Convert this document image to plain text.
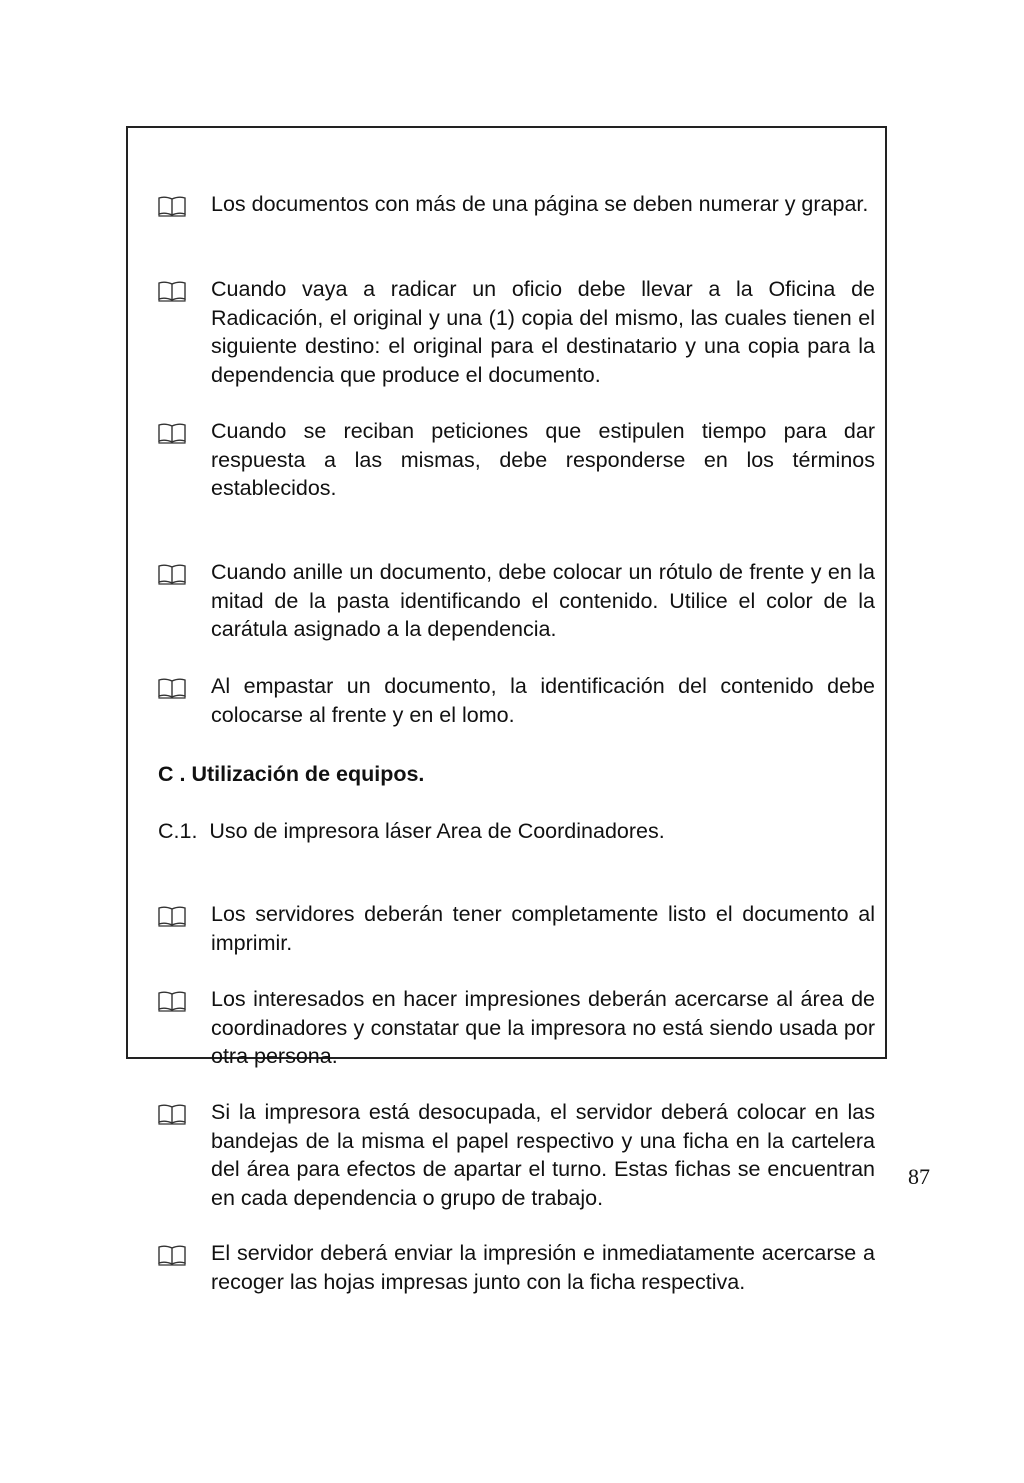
Los documentos con más de una página se deben numerar y grapar.

Cuando vaya a radicar un oficio debe llevar a la Oficina de Radicación, el original y una (1) copia del mismo, las cuales tienen el siguiente destino: el original para el destinatario y una copia para la dependencia que produce el documento.

Cuando se reciban peticiones que estipulen tiempo para dar respuesta a las mismas, debe responderse en los términos establecidos.

Cuando anille un documento, debe colocar un rótulo de frente y en la mitad de la pasta identificando el contenido. Utilice el color de la carátula asignado a la dependencia.

Al empastar un documento, la identificación del contenido debe colocarse al frente y en el lomo.

C . Utilización de equipos.

C.1.  Uso de impresora láser Area de Coordinadores.

Los servidores deberán tener completamente listo el documento al imprimir.

Los interesados en hacer impresiones deberán acercarse al área de coordinadores y constatar que la impresora no está siendo usada por otra persona.

Si la impresora está desocupada, el servidor deberá colocar en las bandejas de la misma el papel respectivo y una ficha en la cartelera del área para efectos de apartar el turno. Estas fichas se encuentran en cada dependencia o grupo de trabajo.

El servidor deberá enviar la impresión e inmediatamente acercarse a recoger las hojas impresas junto con la ficha respectiva.

87
